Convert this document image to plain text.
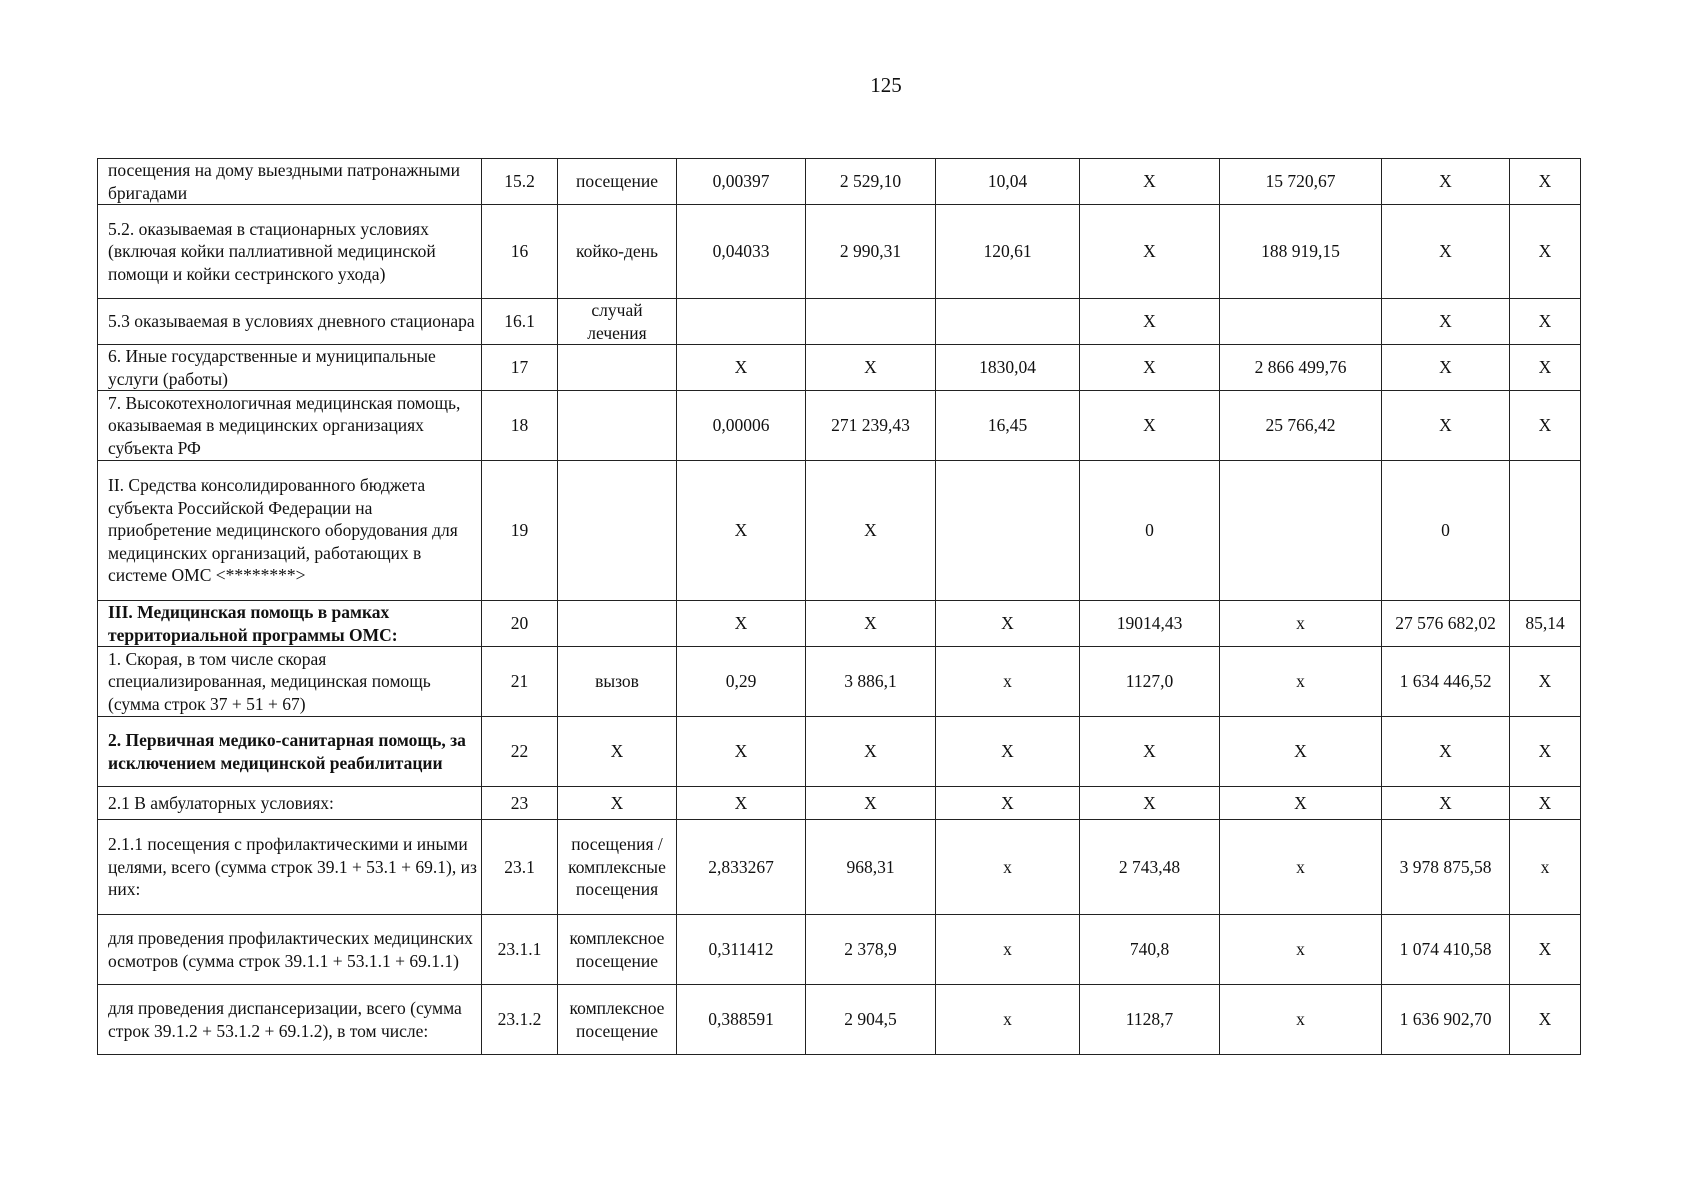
125
посещения на дому выездными патронажными бригадами	15.2	посещение	0,00397	2 529,10	10,04	Х	15 720,67	Х	Х
5.2. оказываемая в стационарных условиях (включая койки паллиативной медицинской помощи и койки сестринского ухода)	16	койко-день	0,04033	2 990,31	120,61	Х	188 919,15	Х	Х
5.3 оказываемая в условиях дневного стационара	16.1	случай лечения				Х		Х	Х
6. Иные государственные и муниципальные услуги (работы)	17		Х	Х	1830,04	Х	2 866 499,76	Х	Х
7. Высокотехнологичная медицинская помощь, оказываемая в медицинских организациях субъекта РФ	18		0,00006	271 239,43	16,45	Х	25 766,42	Х	Х
II. Средства консолидированного бюджета субъекта Российской Федерации на приобретение медицинского оборудования для медицинских организаций, работающих в системе ОМС <********>	19		Х	Х		0		0	
III. Медицинская помощь в рамках территориальной программы ОМС:	20		Х	Х	Х	19014,43	х	27 576 682,02	85,14
1. Скорая, в том числе скорая специализированная, медицинская помощь (сумма строк 37 + 51 + 67)	21	вызов	0,29	3 886,1	х	1127,0	х	1 634 446,52	Х
2. Первичная медико-санитарная помощь, за исключением медицинской реабилитации	22	Х	Х	Х	Х	Х	Х	Х	Х
2.1 В амбулаторных условиях:	23	Х	Х	Х	Х	Х	Х	Х	Х
2.1.1 посещения с профилактическими и иными целями, всего (сумма строк 39.1 + 53.1 + 69.1), из них:	23.1	посещения /комплексные посещения	2,833267	968,31	х	2 743,48	х	3 978 875,58	х
для проведения профилактических медицинских осмотров (сумма строк 39.1.1 + 53.1.1 + 69.1.1)	23.1.1	комплексное посещение	0,311412	2 378,9	х	740,8	х	1 074 410,58	Х
для проведения диспансеризации, всего (сумма строк 39.1.2 + 53.1.2 + 69.1.2), в том числе:	23.1.2	комплексное посещение	0,388591	2 904,5	х	1128,7	х	1 636 902,70	Х
